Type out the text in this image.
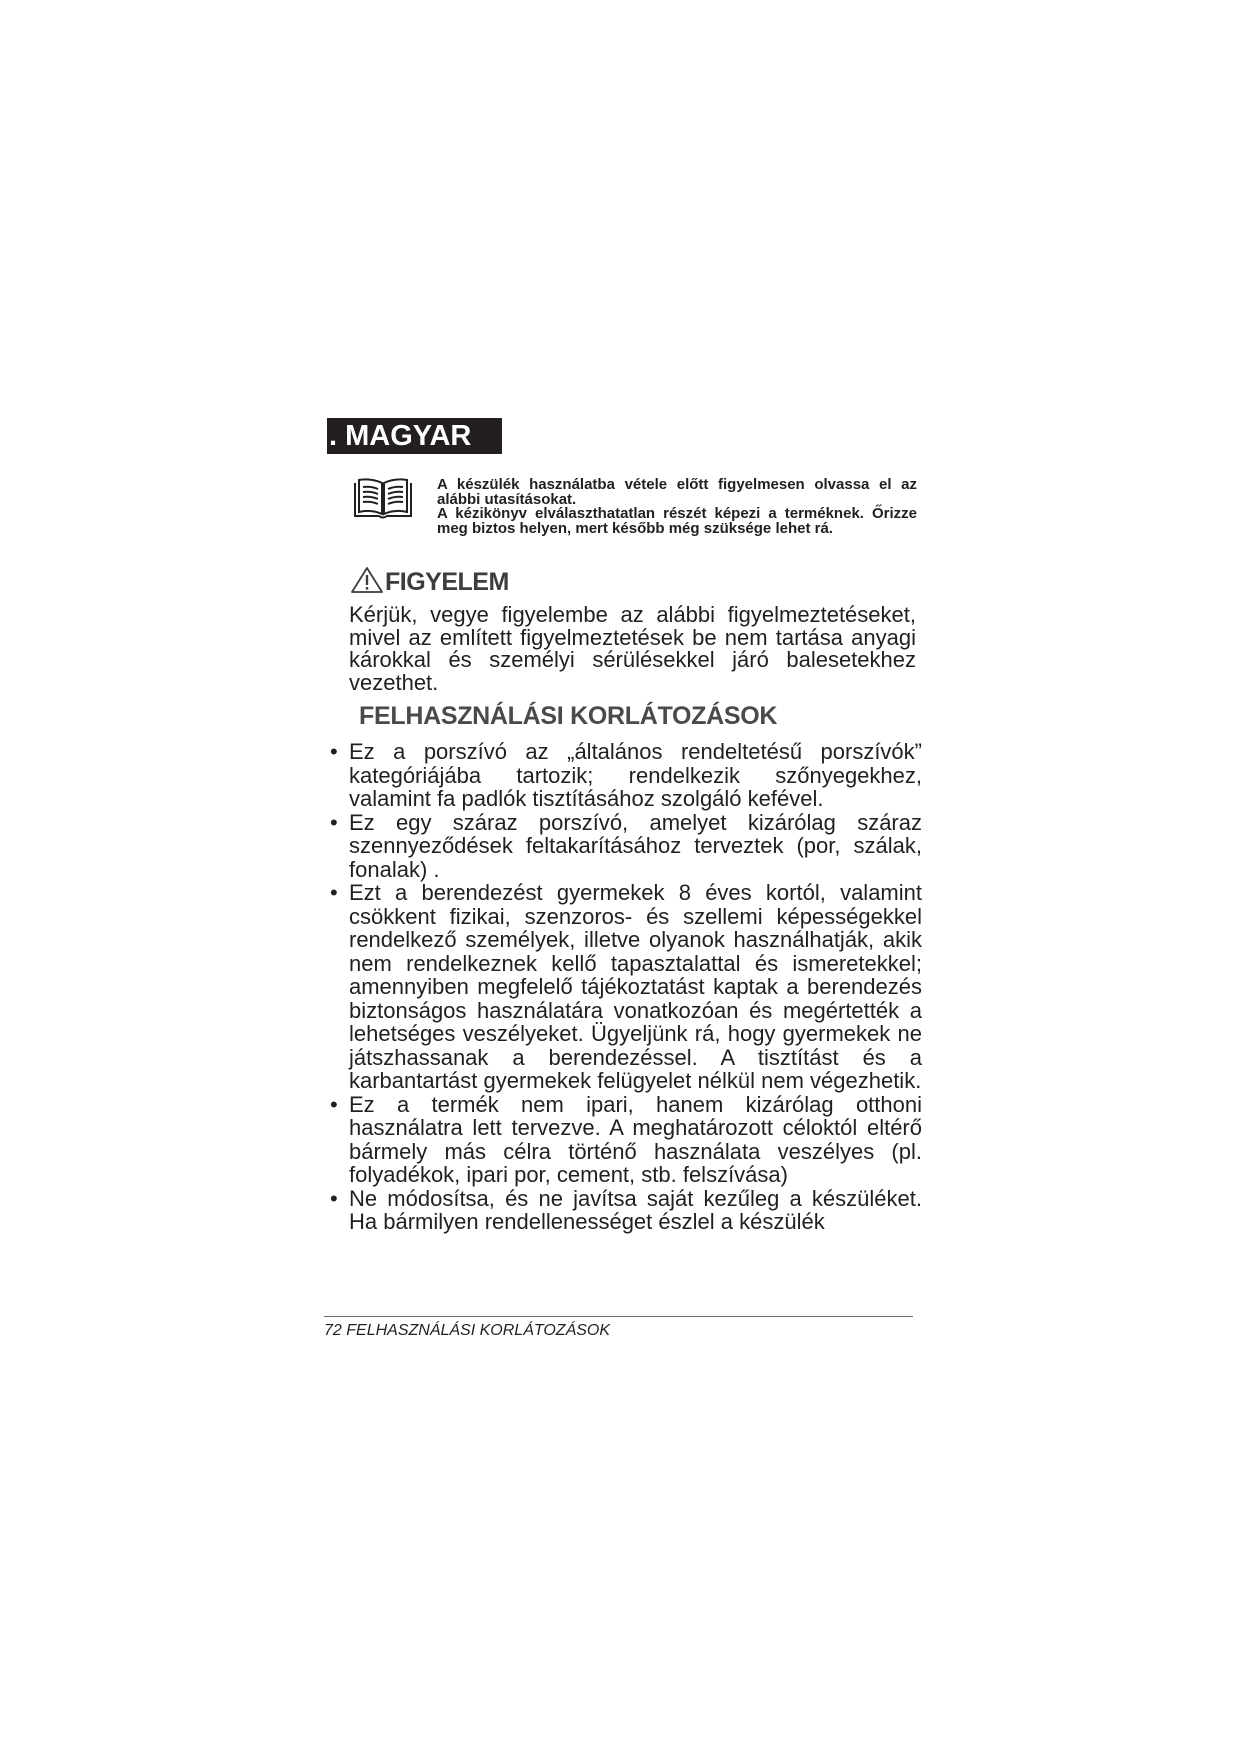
. MAGYAR

A készülék használatba vétele előtt figyelmesen olvassa el az alábbi utasításokat.

A kézikönyv elválaszthatatlan részét képezi a terméknek. Őrizze meg biztos helyen, mert később még szüksége lehet rá.

FIGYELEM

Kérjük, vegye figyelembe az alábbi figyelmeztetéseket, mivel az említett figyelmeztetések be nem tartása anyagi károkkal és személyi sérülésekkel járó balesetekhez vezethet.

FELHASZNÁLÁSI KORLÁTOZÁSOK
• Ez a porszívó az „általános rendeltetésű porszívók” kategóriájába tartozik; rendelkezik szőnyegekhez, valamint fa padlók tisztításához szolgáló kefével.
• Ez egy száraz porszívó, amelyet kizárólag száraz szennyeződések feltakarításához terveztek (por, szálak, fonalak) .
• Ezt a berendezést gyermekek 8 éves kortól, valamint csökkent fizikai, szenzoros- és szellemi képességekkel rendelkező személyek, illetve olyanok használhatják, akik nem rendelkeznek kellő tapasztalattal és ismeretekkel; amennyiben megfelelő tájékoztatást kaptak a berendezés biztonságos használatára vonatkozóan és megértették a lehetséges veszélyeket. Ügyeljünk rá, hogy gyermekek ne játszhassanak a berendezéssel. A tisztítást és a karbantartást gyermekek felügyelet nélkül nem végezhetik.
• Ez a termék nem ipari, hanem kizárólag otthoni használatra lett tervezve. A meghatározott céloktól eltérő bármely más célra történő használata veszélyes (pl. folyadékok, ipari por, cement, stb. felszívása)
• Ne módosítsa, és ne javítsa saját kezűleg a készüléket. Ha bármilyen rendellenességet észlel a készülék

72 FELHASZNÁLÁSI KORLÁTOZÁSOK
